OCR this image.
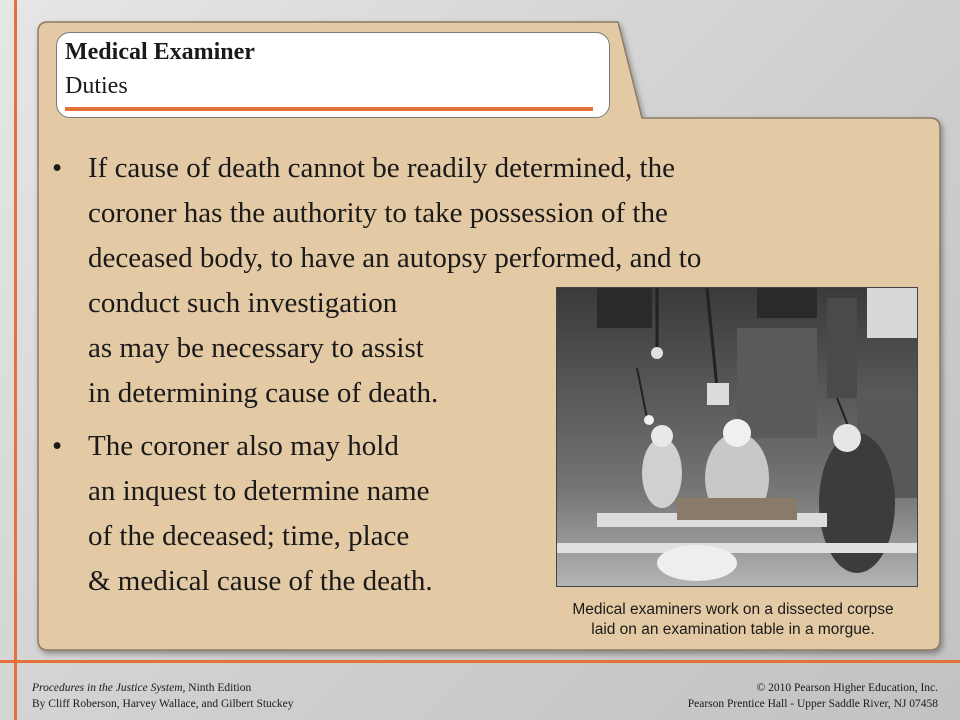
Medical Examiner
Duties
• If cause of death cannot be readily determined, the
coroner has the authority to take possession of the
deceased body, to have an autopsy performed, and to
conduct such investigation
as may be necessary to assist
in determining cause of death.
• The coroner also may hold
an inquest to determine name
of the deceased; time, place
& medical cause of the death.
Medical examiners work on a dissected corpse
laid on an examination table in a morgue.
Procedures in the Justice System, Ninth Edition
By Cliff Roberson, Harvey Wallace, and Gilbert Stuckey
© 2010 Pearson Higher Education, Inc.
Pearson Prentice Hall - Upper Saddle River, NJ 07458
